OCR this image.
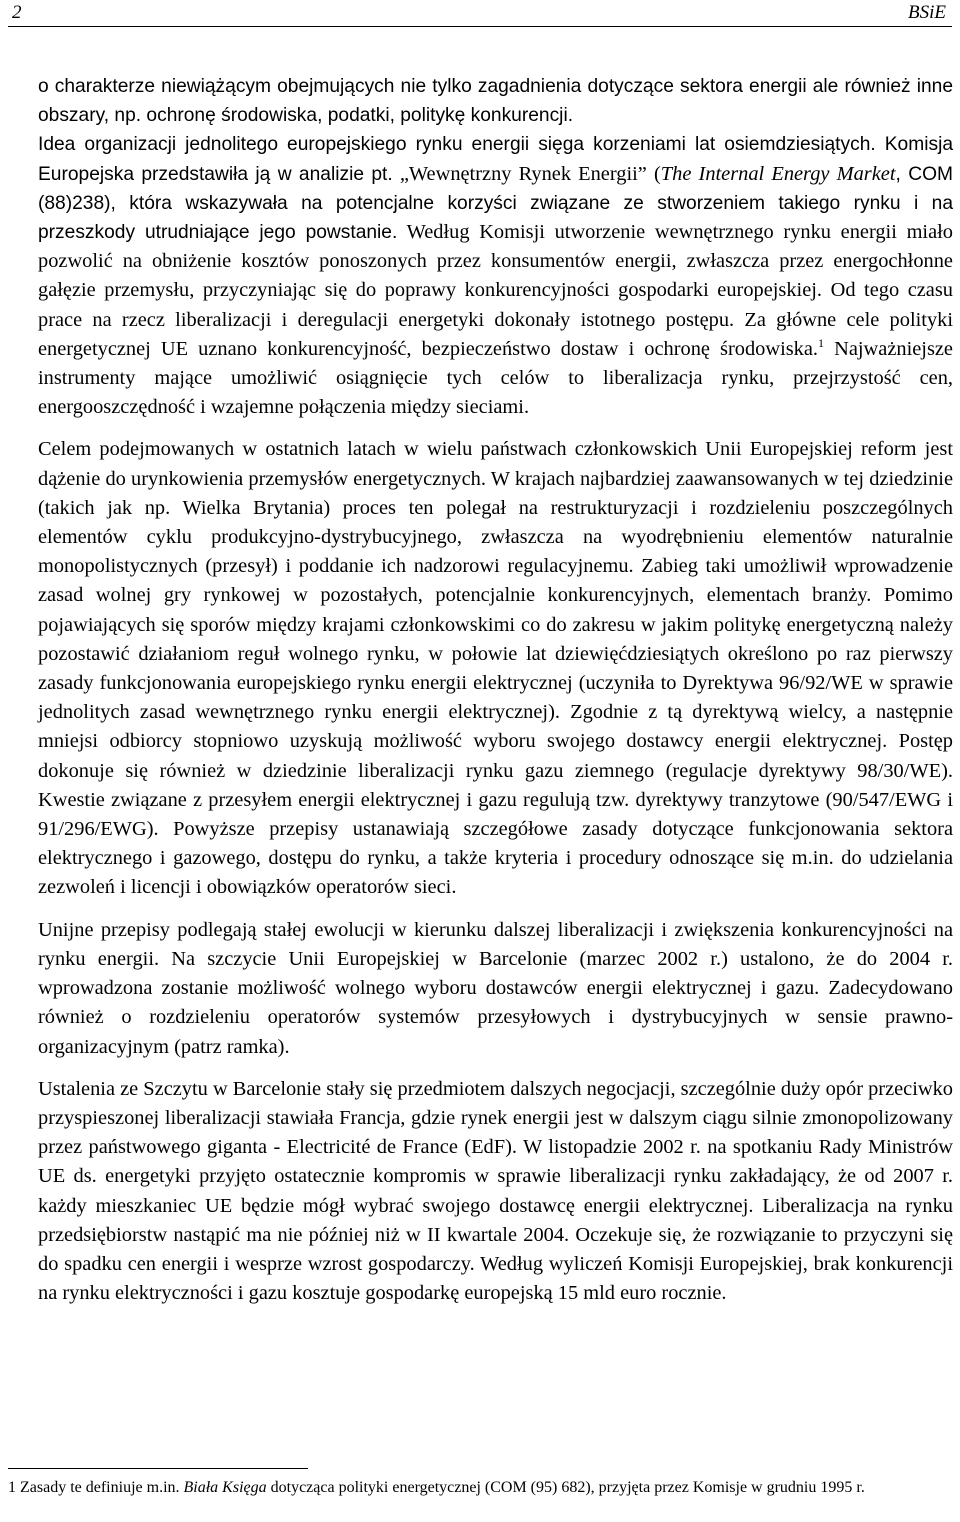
2	BSiE

o charakterze niewiążącym obejmujących nie tylko zagadnienia dotyczące sektora energii ale również inne obszary, np. ochronę środowiska, podatki, politykę konkurencji.
Idea organizacji jednolitego europejskiego rynku energii sięga korzeniami lat osiemdziesiątych. Komisja Europejska przedstawiła ją w analizie pt. „Wewnętrzny Rynek Energii” (The Internal Energy Market, COM (88)238), która wskazywała na potencjalne korzyści związane ze stworzeniem takiego rynku i na przeszkody utrudniające jego powstanie. Według Komisji utworzenie wewnętrznego rynku energii miało pozwolić na obniżenie kosztów ponoszonych przez konsumentów energii, zwłaszcza przez energochłonne gałęzie przemysłu, przyczyniając się do poprawy konkurencyjności gospodarki europejskiej. Od tego czasu prace na rzecz liberalizacji i deregulacji energetyki dokonały istotnego postępu. Za główne cele polityki energetycznej UE uznano konkurencyjność, bezpieczeństwo dostaw i ochronę środowiska.$^1$ Najważniejsze instrumenty mające umożliwić osiągnięcie tych celów to liberalizacja rynku, przejrzystość cen, energooszczędność i wzajemne połączenia między sieciami.

Celem podejmowanych w ostatnich latach w wielu państwach członkowskich Unii Europejskiej reform jest dążenie do urynkowienia przemysłów energetycznych. W krajach najbardziej zaawansowanych w tej dziedzinie (takich jak np. Wielka Brytania) proces ten polegał na restrukturyzacji i rozdzieleniu poszczególnych elementów cyklu produkcyjno-dystrybucyjnego, zwłaszcza na wyodrębnieniu elementów naturalnie monopolistycznych (przesył) i poddanie ich nadzorowi regulacyjnemu. Zabieg taki umożliwił wprowadzenie zasad wolnej gry rynkowej w pozostałych, potencjalnie konkurencyjnych, elementach branży. Pomimo pojawiających się sporów między krajami członkowskimi co do zakresu w jakim politykę energetyczną należy pozostawić działaniom reguł wolnego rynku, w połowie lat dziewięćdziesiątych określono po raz pierwszy zasady funkcjonowania europejskiego rynku energii elektrycznej (uczyniła to Dyrektywa 96/92/WE w sprawie jednolitych zasad wewnętrznego rynku energii elektrycznej). Zgodnie z tą dyrektywą wielcy, a następnie mniejsi odbiorcy stopniowo uzyskują możliwość wyboru swojego dostawcy energii elektrycznej. Postęp dokonuje się również w dziedzinie liberalizacji rynku gazu ziemnego (regulacje dyrektywy 98/30/WE). Kwestie związane z przesyłem energii elektrycznej i gazu regulują tzw. dyrektywy tranzytowe (90/547/EWG i 91/296/EWG). Powyższe przepisy ustanawiają szczegółowe zasady dotyczące funkcjonowania sektora elektrycznego i gazowego, dostępu do rynku, a także kryteria i procedury odnoszące się m.in. do udzielania zezwoleń i licencji i obowiązków operatorów sieci.

Unijne przepisy podlegają stałej ewolucji w kierunku dalszej liberalizacji i zwiększenia konkurencyjności na rynku energii. Na szczycie Unii Europejskiej w Barcelonie (marzec 2002 r.) ustalono, że do 2004 r. wprowadzona zostanie możliwość wolnego wyboru dostawców energii elektrycznej i gazu. Zadecydowano również o rozdzieleniu operatorów systemów przesyłowych i dystrybucyjnych w sensie prawno-organizacyjnym (patrz ramka).

Ustalenia ze Szczytu w Barcelonie stały się przedmiotem dalszych negocjacji, szczególnie duży opór przeciwko przyspieszonej liberalizacji stawiała Francja, gdzie rynek energii jest w dalszym ciągu silnie zmonopolizowany przez państwowego giganta - Electricité de France (EdF). W listopadzie 2002 r. na spotkaniu Rady Ministrów UE ds. energetyki przyjęto ostatecznie kompromis w sprawie liberalizacji rynku zakładający, że od 2007 r. każdy mieszkaniec UE będzie mógł wybrać swojego dostawcę energii elektrycznej. Liberalizacja na rynku przedsiębiorstw nastąpić ma nie później niż w II kwartale 2004. Oczekuje się, że rozwiązanie to przyczyni się do spadku cen energii i wesprze wzrost gospodarczy. Według wyliczeń Komisji Europejskiej, brak konkurencji na rynku elektryczności i gazu kosztuje gospodarkę europejską 15 mld euro rocznie.

1 Zasady te definiuje m.in. Biała Księga dotycząca polityki energetycznej (COM (95) 682), przyjęta przez Komisje w grudniu 1995 r.
